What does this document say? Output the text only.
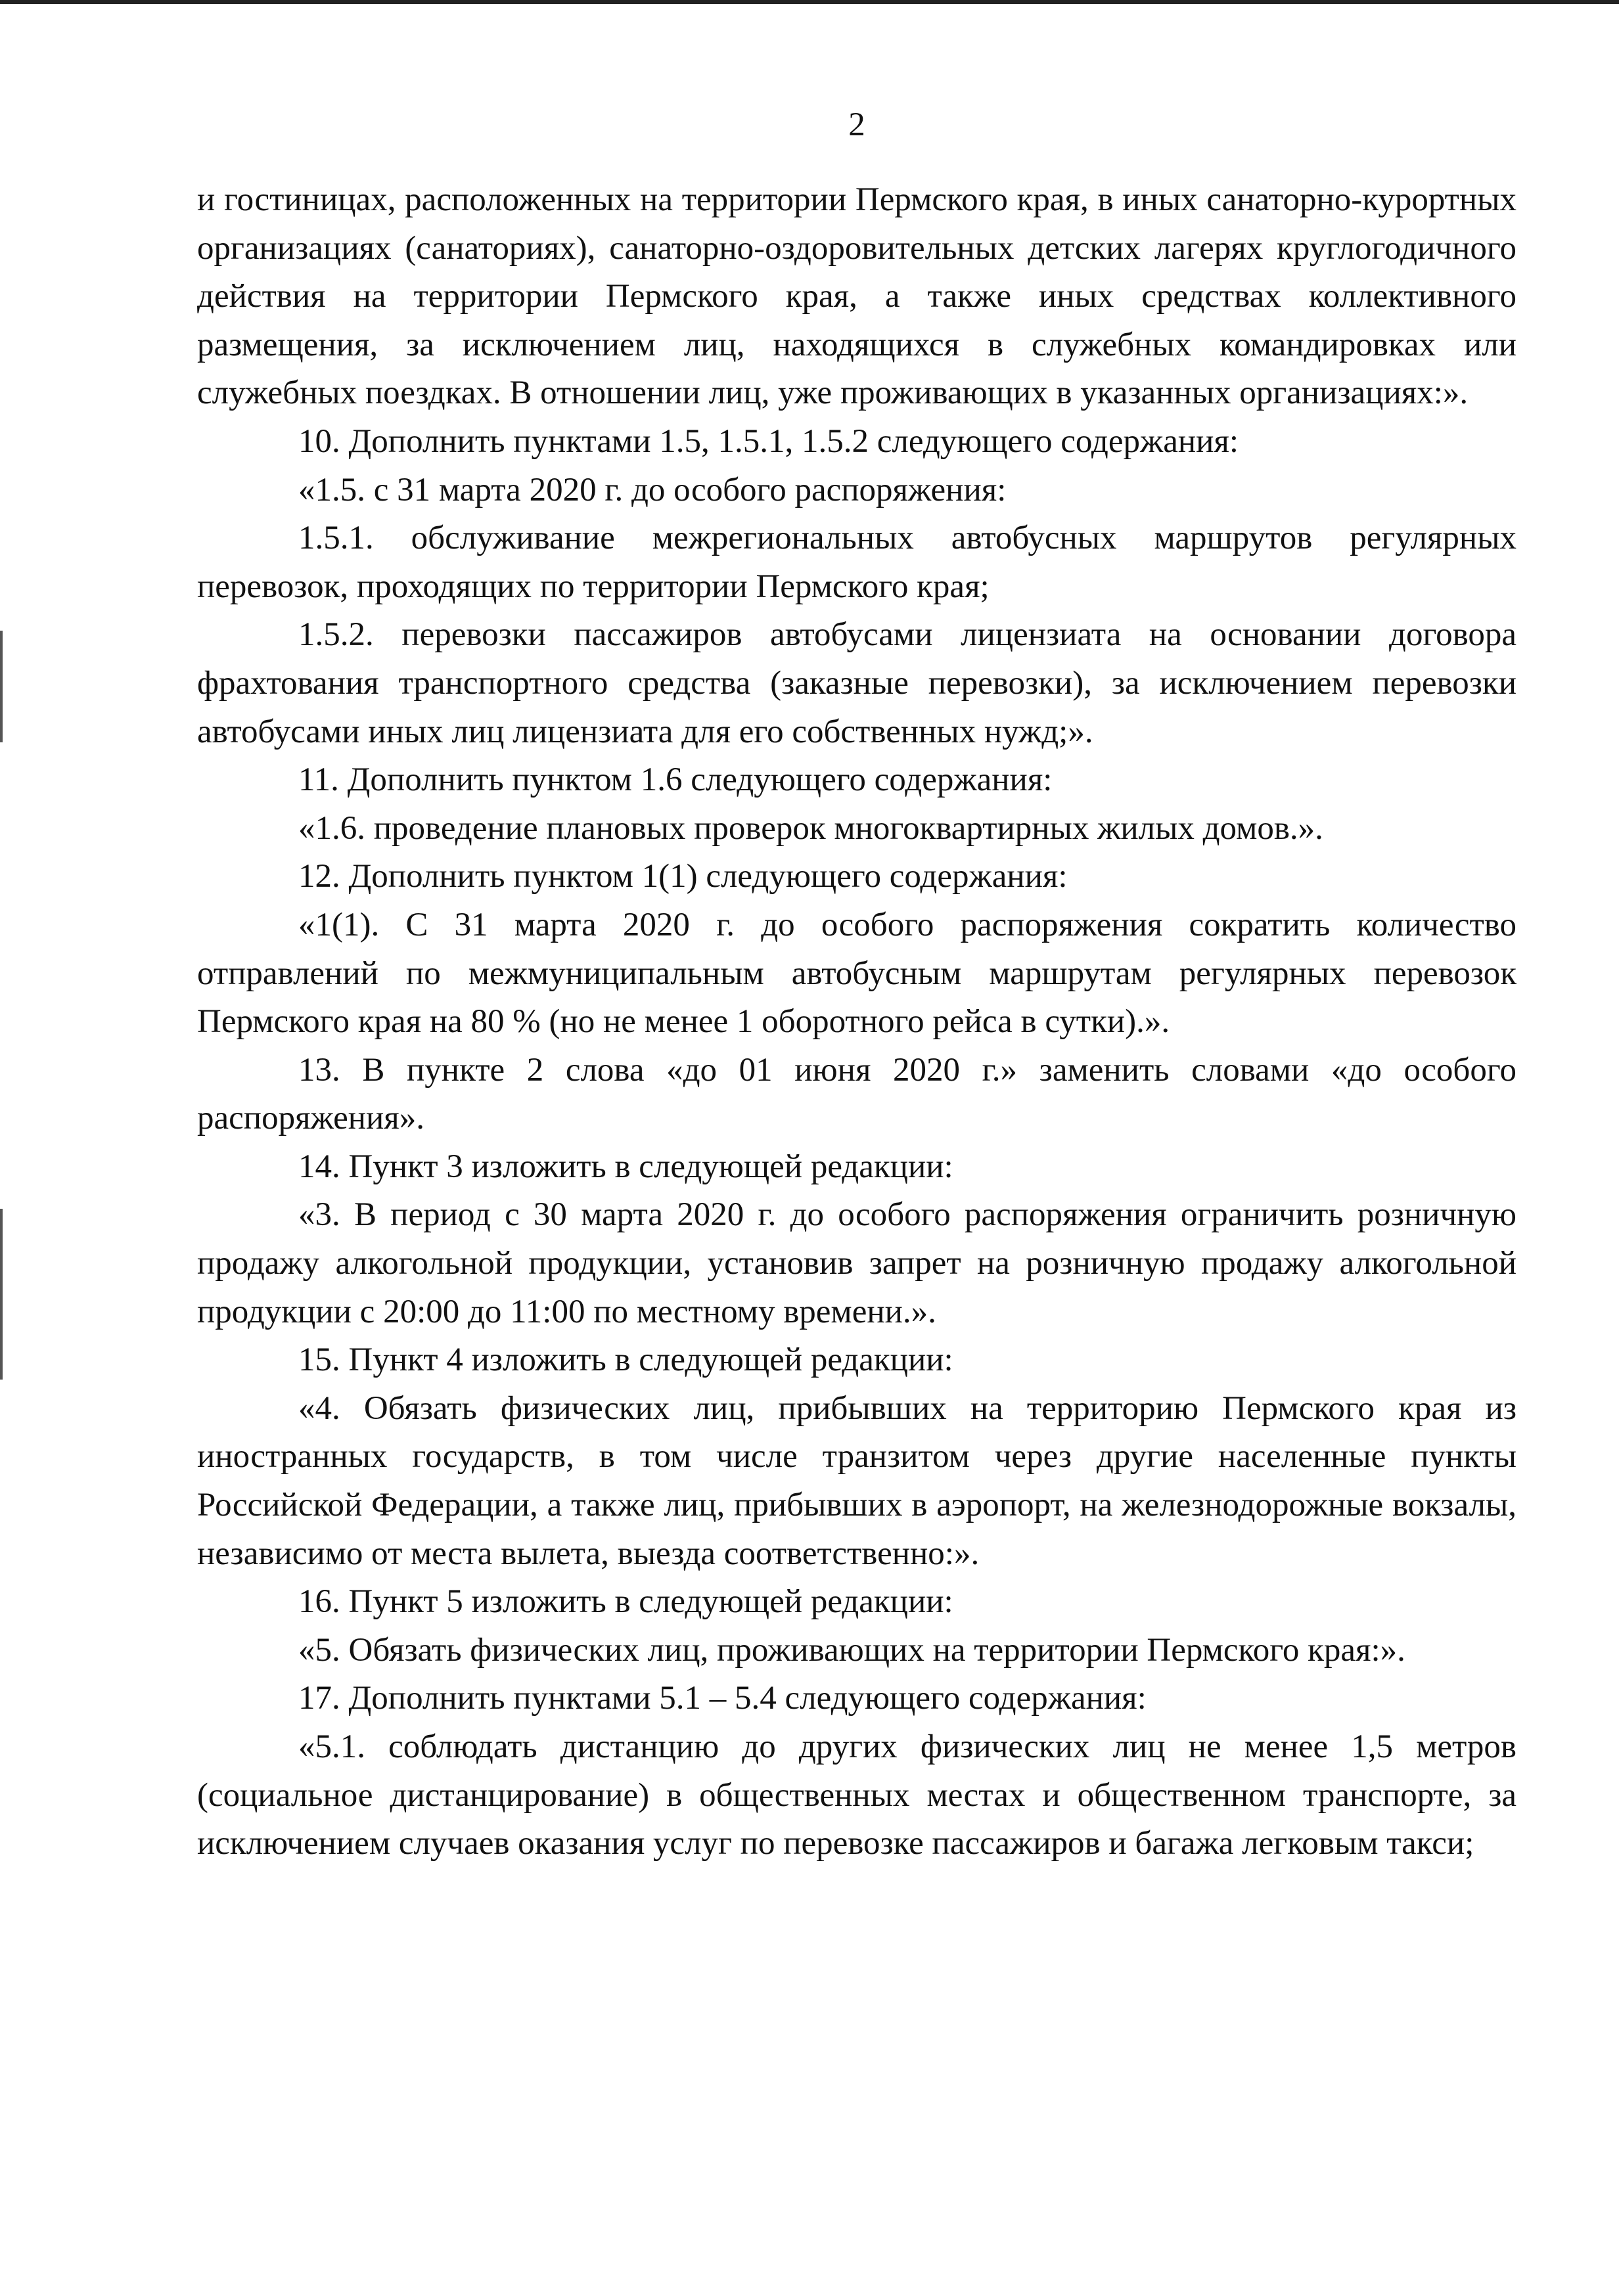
2

и гостиницах, расположенных на территории Пермского края, в иных санаторно-курортных организациях (санаториях), санаторно-оздоровительных детских лагерях круглогодичного действия на территории Пермского края, а также иных средствах коллективного размещения, за исключением лиц, находящихся в служебных командировках или служебных поездках. В отношении лиц, уже проживающих в указанных организациях:».

10. Дополнить пунктами 1.5, 1.5.1, 1.5.2 следующего содержания:

«1.5. с 31 марта 2020 г. до особого распоряжения:

1.5.1. обслуживание межрегиональных автобусных маршрутов регулярных перевозок, проходящих по территории Пермского края;

1.5.2. перевозки пассажиров автобусами лицензиата на основании договора фрахтования транспортного средства (заказные перевозки), за исключением перевозки автобусами иных лиц лицензиата для его собственных нужд;».

11. Дополнить пунктом 1.6 следующего содержания:

«1.6. проведение плановых проверок многоквартирных жилых домов.».

12. Дополнить пунктом 1(1) следующего содержания:

«1(1). С 31 марта 2020 г. до особого распоряжения сократить количество отправлений по межмуниципальным автобусным маршрутам регулярных перевозок Пермского края на 80 % (но не менее 1 оборотного рейса в сутки).».

13. В пункте 2 слова «до 01 июня 2020 г.» заменить словами «до особого распоряжения».

14. Пункт 3 изложить в следующей редакции:

«3. В период с 30 марта 2020 г. до особого распоряжения ограничить розничную продажу алкогольной продукции, установив запрет на розничную продажу алкогольной продукции с 20:00 до 11:00 по местному времени.».

15. Пункт 4 изложить в следующей редакции:

«4. Обязать физических лиц, прибывших на территорию Пермского края из иностранных государств, в том числе транзитом через другие населенные пункты Российской Федерации, а также лиц, прибывших в аэропорт, на железнодорожные вокзалы, независимо от места вылета, выезда соответственно:».

16. Пункт 5 изложить в следующей редакции:

«5. Обязать физических лиц, проживающих на территории Пермского края:».

17. Дополнить пунктами 5.1 – 5.4 следующего содержания:

«5.1. соблюдать дистанцию до других физических лиц не менее 1,5 метров (социальное дистанцирование) в общественных местах и общественном транспорте, за исключением случаев оказания услуг по перевозке пассажиров и багажа легковым такси;
